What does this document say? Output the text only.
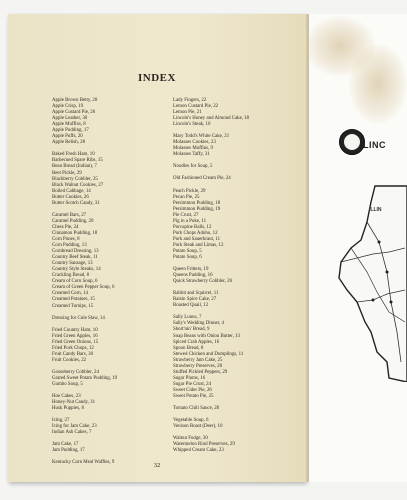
INDEX
Apple Brown Betty, 20
Apple Crisp, 19
Apple Custard Pie, 26
Apple Leather, 30
Apple Muffins, 8
Apple Pudding, 17
Apple Puffs, 20
Apple Relish, 28
Baked Fresh Ham, 10
Barbecued Spare Ribs, 15
Bean Bread (Indian), 7
Beet Pickle, 29
Blackberry Cobbler, 25
Black Walnut Cookies, 27
Boiled Cabbage, 14
Butter Cookies, 26
Butter Scotch Candy, 31
Caramel Bars, 27
Caramel Pudding, 20
Chess Pie, 24
Cinnamon Pudding, 18
Corn Pones, 8
Corn Pudding, 13
Cornbread Dressing, 13
Country Beef Steak, 11
Country Sausage, 13
Country Style Steaks, 14
Crackling Bread, 8
Cream of Corn Soup, 6
Cream of Green Pepper Soup, 6
Creamed Corn, 14
Creamed Potatoes, 15
Creamed Turnips, 15
Dressing for Cole Slaw, 14
Fried Country Ham, 10
Fried Green Apples, 16
Fried Green Onions, 15
Fried Pork Chops, 12
Fruit Candy Bars, 30
Fruit Cookies, 22
Gooseberry Cobbler, 24
Grated Sweet Potato Pudding, 19
Gumbo Soup, 5
Hoe Cakes, 23
Honey-Nut Candy, 31
Husk Puppies, 8
Icing, 27
Icing for Jam Cake, 23
Indian Ash Cakes, 7
Jam Cake, 17
Jam Pudding, 17
Kentucky Corn Meal Waffles, 9
Lady Fingers, 22
Lemon Custard Pie, 22
Lemon Pie, 21
Lincoln's Honey and Almond Cake, 18
Lincoln's Steak, 10
Mary Todd's White Cake, 21
Molasses Cookies, 23
Molasses Muffins, 9
Molasses Taffy, 31
Noodles for Soup, 5
Old Fashioned Cream Pie, 24
Peach Pickle, 29
Pecan Pie, 25
Persimmon Pudding, 18
Persimmon Pudding, 19
Pie Crust, 27
Pig in a Poke, 11
Porcupine Balls, 12
Pork Chops Adobo, 12
Pork and Sauerkraut, 11
Pork Steak and Limas, 12
Potato Soup, 5
Potato Soup, 6
Queen Fritters, 19
Queens Pudding, 16
Quick Strawberry Cobbler, 26
Rabbit and Squirrel, 11
Raisin Spice Cake, 27
Roasted Quail, 12
Sally Lunns, 7
Sally's Wedding Dinner, 4
Short'nin' Bread, 9
Soap Beans with Onion Butter, 13
Spiced Crab Apples, 16
Spoon Bread, 8
Stewed Chicken and Dumplings, 11
Strawberry Jam Cake, 25
Strawberry Preserves, 28
Stuffed Pickled Peppers, 29
Sugar Plums, 16
Sugar Pie Crust, 24
Sweet Cider Pie, 26
Sweet Potato Pie, 25
Tomato Chili Sauce, 28
Vegetable Soup, 6
Venison Roast (Deer), 10
Walnut Fudge, 30
Watermelon Rind Preserves, 29
Whipped Cream Cake, 23
32
LINC
ILLIN
